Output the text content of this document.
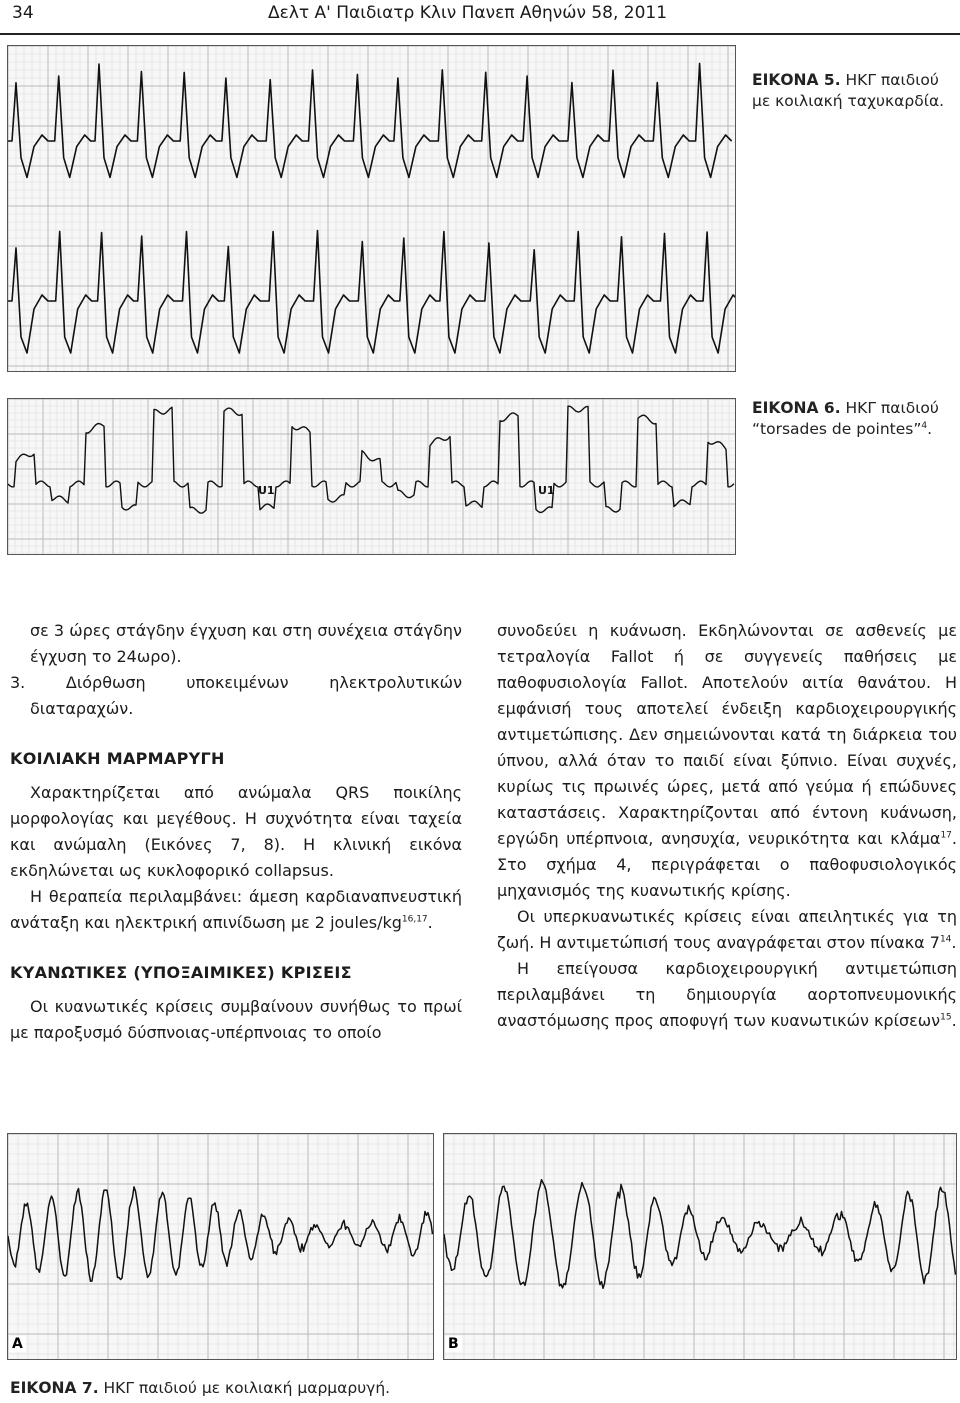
34	Δελτ Α' Παιδιατρ Κλιν Πανεπ Αθηνών 58, 2011
ΕΙΚΟΝΑ 5. ΗΚΓ παιδιού
με κοιλιακή ταχυκαρδία.
U1	U1
ΕΙΚΟΝΑ 6. ΗΚΓ παιδιού
“torsades de pointes”$^4$.

σε 3 ώρες στάγδην έγχυση και στη συνέχεια στάγδην έγχυση το 24ωρο).

3. Διόρθωση υποκειμένων ηλεκτρολυτικών διαταραχών.

ΚΟΙΛΙΑΚΗ ΜΑΡΜΑΡΥΓΗ

Χαρακτηρίζεται από ανώμαλα QRS ποικίλης μορφολογίας και μεγέθους. Η συχνότητα είναι ταχεία και ανώμαλη (Εικόνες 7, 8). Η κλινική εικόνα εκδηλώνεται ως κυκλοφορικό collapsus.

Η θεραπεία περιλαμβάνει: άμεση καρδιαναπνευστική ανάταξη και ηλεκτρική απινίδωση με 2 joules/kg$^{16,17}$.

ΚΥΑΝΩΤΙΚΕΣ (ΥΠΟΞΑΙΜΙΚΕΣ) ΚΡΙΣΕΙΣ

Οι κυανωτικές κρίσεις συμβαίνουν συνήθως το πρωί με παροξυσμό δύσπνοιας-υπέρπνοιας το οποίο

συνοδεύει η κυάνωση. Εκδηλώνονται σε ασθενείς με τετραλογία Fallot ή σε συγγενείς παθήσεις με παθοφυσιολογία Fallot. Αποτελούν αιτία θανάτου. Η εμφάνισή τους αποτελεί ένδειξη καρδιοχειρουργικής αντιμετώπισης. Δεν σημειώνονται κατά τη διάρκεια του ύπνου, αλλά όταν το παιδί είναι ξύπνιο. Είναι συχνές, κυρίως τις πρωινές ώρες, μετά από γεύμα ή επώδυνες καταστάσεις. Χαρακτηρίζονται από έντονη κυάνωση, εργώδη υπέρπνοια, ανησυχία, νευρικότητα και κλάμα$^{17}$. Στο σχήμα 4, περιγράφεται ο παθοφυσιολογικός μηχανισμός της κυανωτικής κρίσης.

Οι υπερκυανωτικές κρίσεις είναι απειλητικές για τη ζωή. Η αντιμετώπισή τους αναγράφεται στον πίνακα $7^{14}$.

Η επείγουσα καρδιοχειρουργική αντιμετώπιση περιλαμβάνει τη δημιουργία αορτοπνευμονικής αναστόμωσης προς αποφυγή των κυανωτικών κρίσεων$^{15}$.

A	B
ΕΙΚΟΝΑ 7. ΗΚΓ παιδιού με κοιλιακή μαρμαρυγή.
